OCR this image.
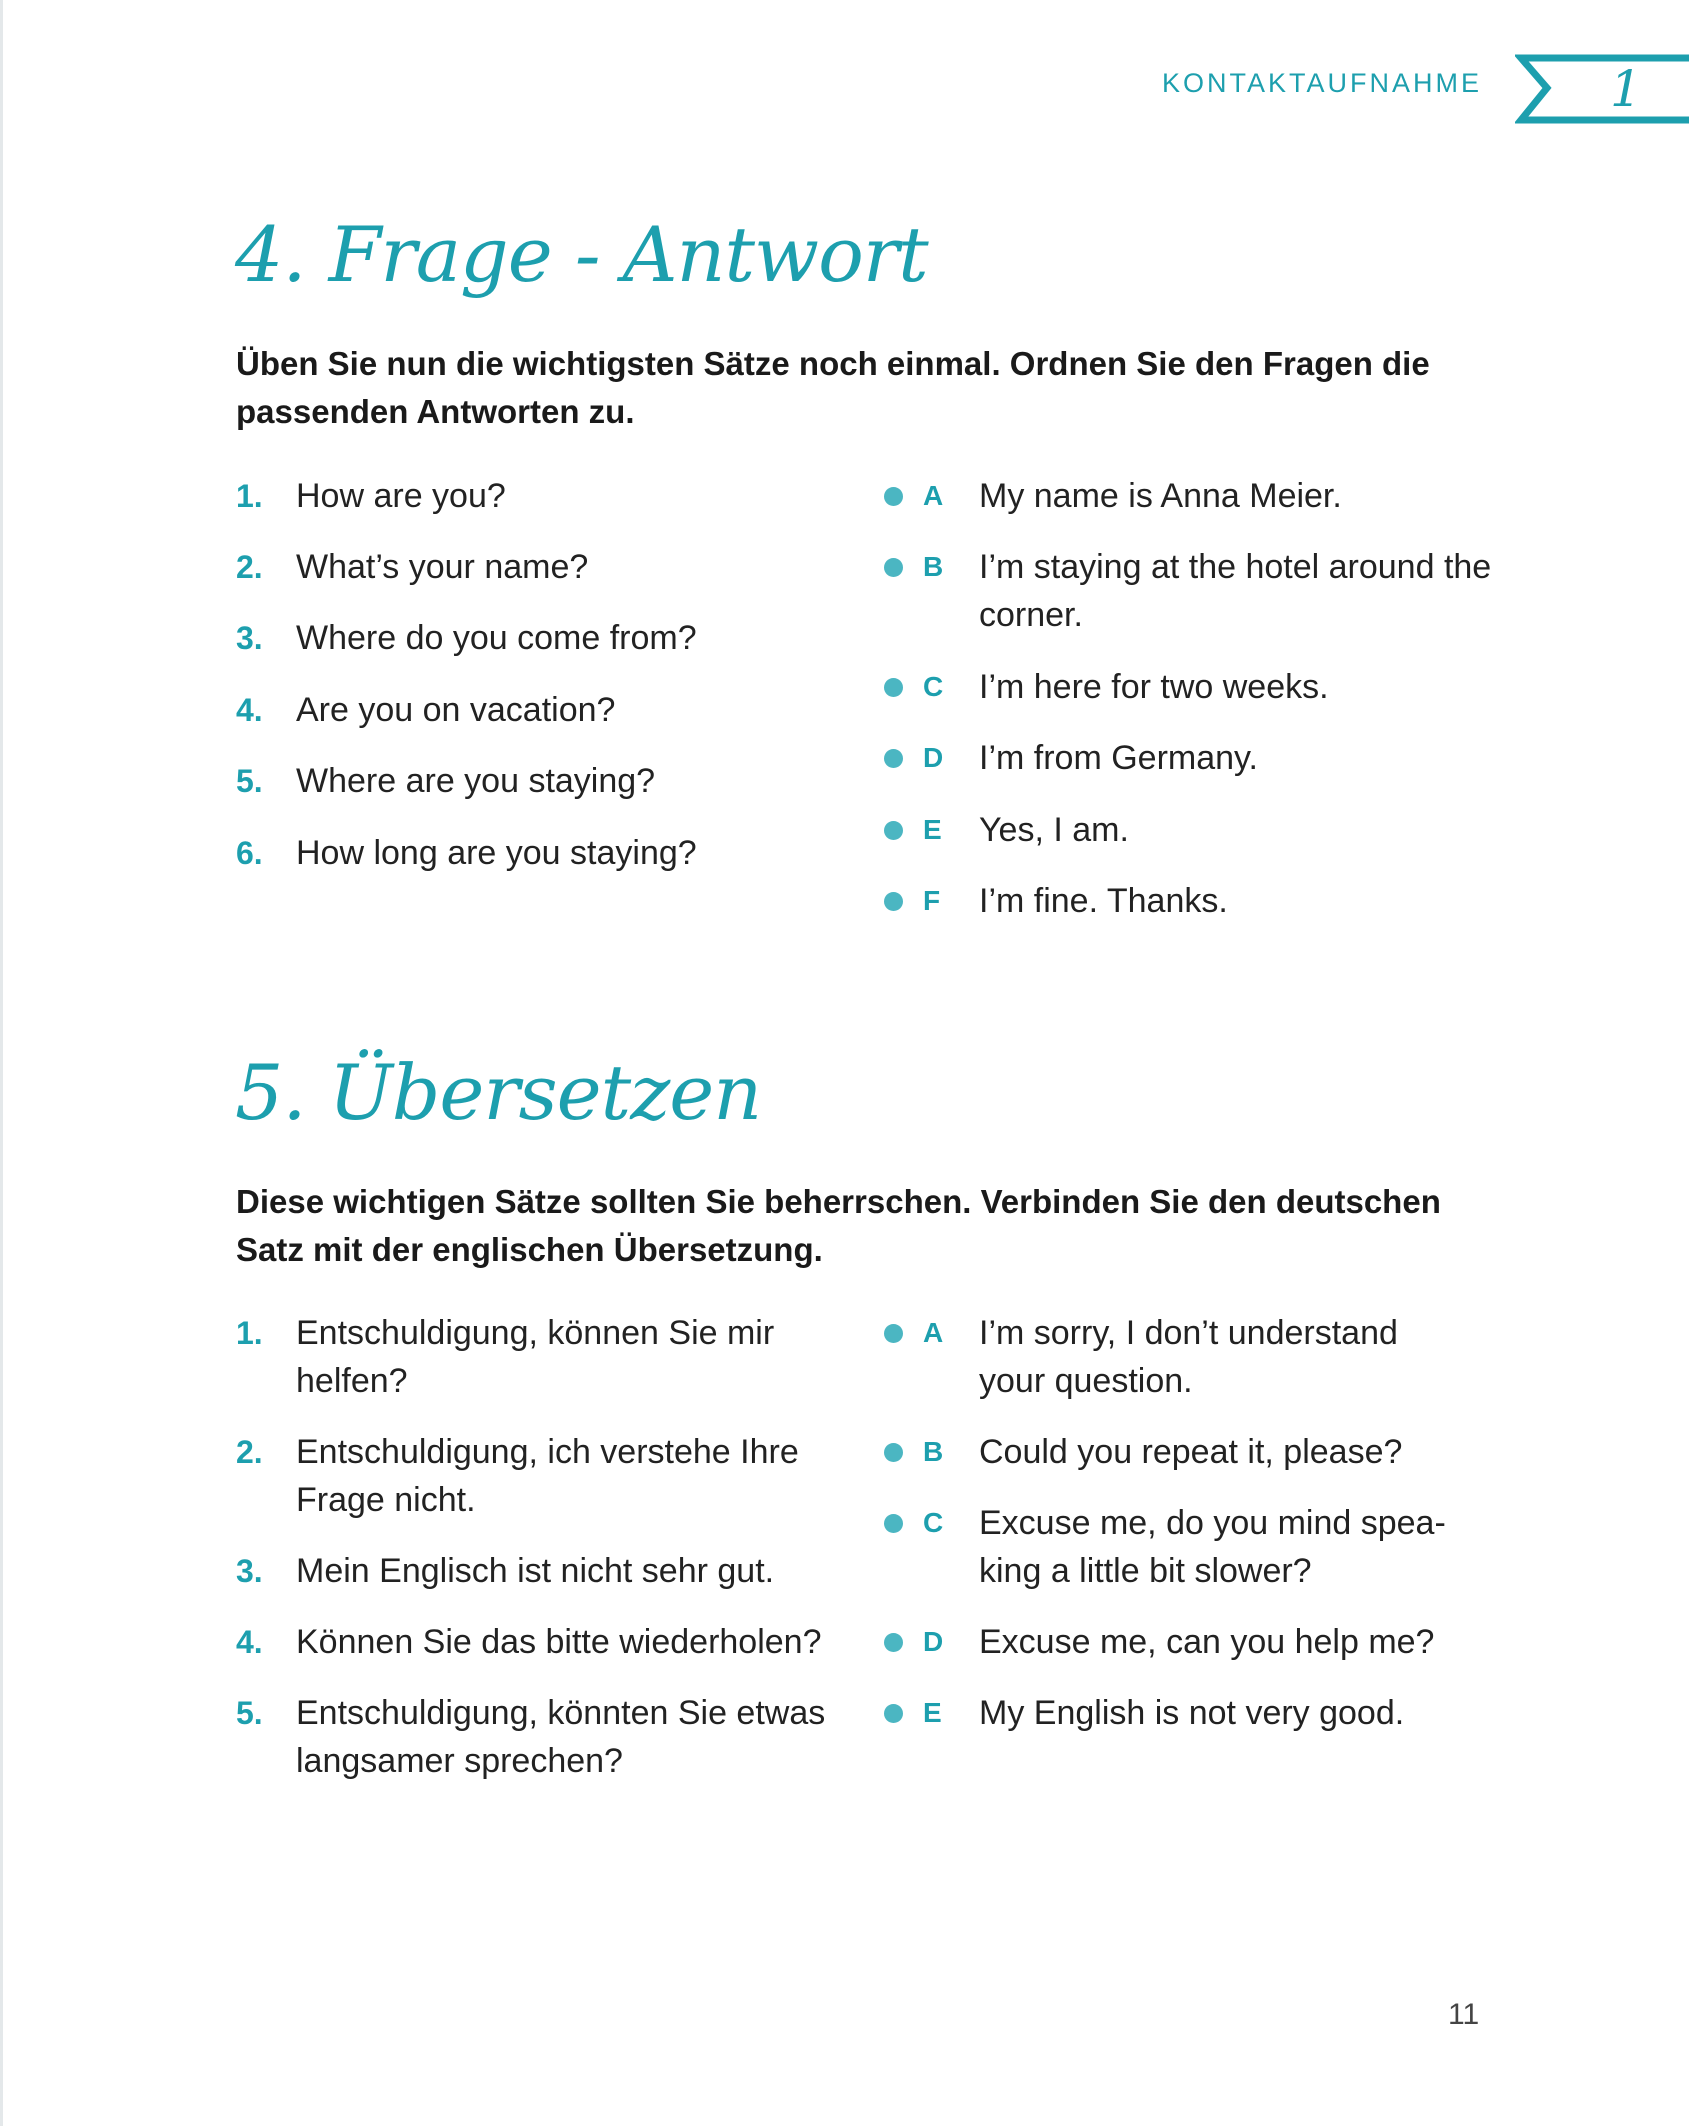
KONTAKTAUFNAHME	1
4. Frage - Antwort
Üben Sie nun die wichtigsten Sätze noch einmal. Ordnen Sie den Fragen die passenden Antworten zu.
1. How are you?
2. What’s your name?
3. Where do you come from?
4. Are you on vacation?
5. Where are you staying?
6. How long are you staying?
A My name is Anna Meier.
B I’m staying at the hotel around the corner.
C I’m here for two weeks.
D I’m from Germany.
E Yes, I am.
F I’m fine. Thanks.
5. Übersetzen
Diese wichtigen Sätze sollten Sie beherrschen. Verbinden Sie den deutschen Satz mit der englischen Übersetzung.
1. Entschuldigung, können Sie mir helfen?
2. Entschuldigung, ich verstehe Ihre Frage nicht.
3. Mein Englisch ist nicht sehr gut.
4. Können Sie das bitte wiederholen?
5. Entschuldigung, könnten Sie etwas langsamer sprechen?
A I’m sorry, I don’t understand your question.
B Could you repeat it, please?
C Excuse me, do you mind spea-king a little bit slower?
D Excuse me, can you help me?
E My English is not very good.
11
